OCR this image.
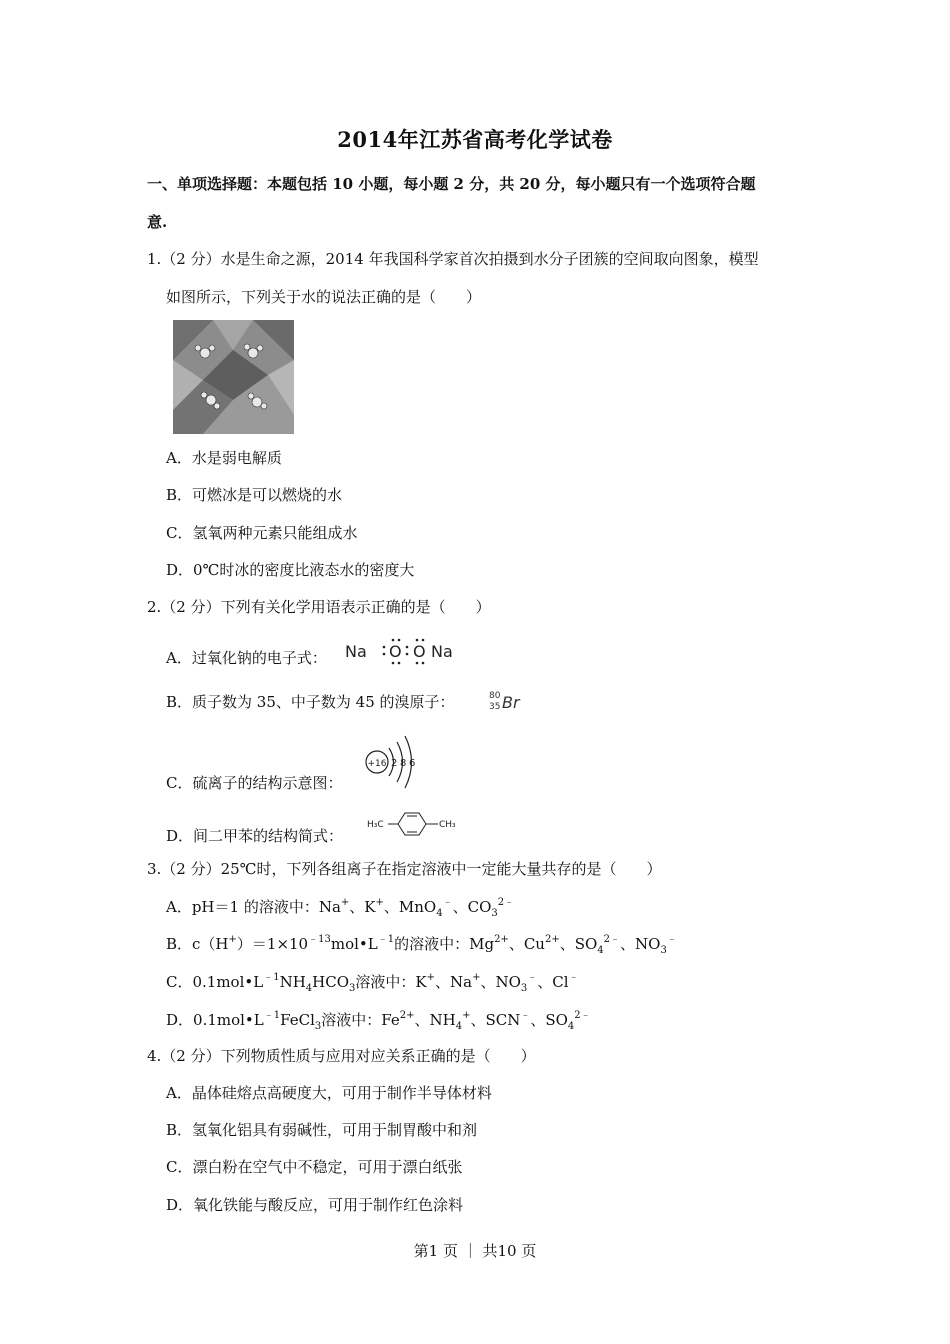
2014年江苏省高考化学试卷
一、单项选择题：本题包括 10 小题，每小题 2 分，共 20 分，每小题只有一个选项符合题
意.
1.（2 分）水是生命之源，2014 年我国科学家首次拍摄到水分子团簇的空间取向图象，模型
如图所示，下列关于水的说法正确的是（　　）
A．水是弱电解质
B．可燃冰是可以燃烧的水
C．氢氧两种元素只能组成水
D．0℃时冰的密度比液态水的密度大
2.（2 分）下列有关化学用语表示正确的是（　　）
A．过氧化钠的电子式： Na O O Na
B．质子数为 35、中子数为 45 的溴原子：	80
35 Br
C．硫离子的结构示意图：
+16 2 8 6
D．间二甲苯的结构简式：
H₃C	CH₃
3.（2 分）25℃时，下列各组离子在指定溶液中一定能大量共存的是（　　）
A．pH＝1 的溶液中：Na+、K+、MnO$_4$﹣、$CO_3^{2﹣}$
B．$c(H^+)=1\times 10^{﹣13}mol•L^{﹣1}$的溶液中：$Mg^{2+}$、$Cu^{2+}$、$SO_4^{2﹣}$、$NO_3^﹣$
C．$0.1mol•L^{﹣1}NH_4HCO_3$溶液中：K+、Na+、$NO_3^﹣$、Cl﹣
D．$0.1mol•L^{﹣1}FeCl_3$溶液中：$Fe^{2+}$、$NH_4^+$、SCN﹣、$SO_4^{2﹣}$
4.（2 分）下列物质性质与应用对应关系正确的是（　　）
A．晶体硅熔点高硬度大，可用于制作半导体材料
B．氢氧化铝具有弱碱性，可用于制胃酸中和剂
C．漂白粉在空气中不稳定，可用于漂白纸张
D．氧化铁能与酸反应，可用于制作红色涂料
第1 页 ｜ 共10 页
